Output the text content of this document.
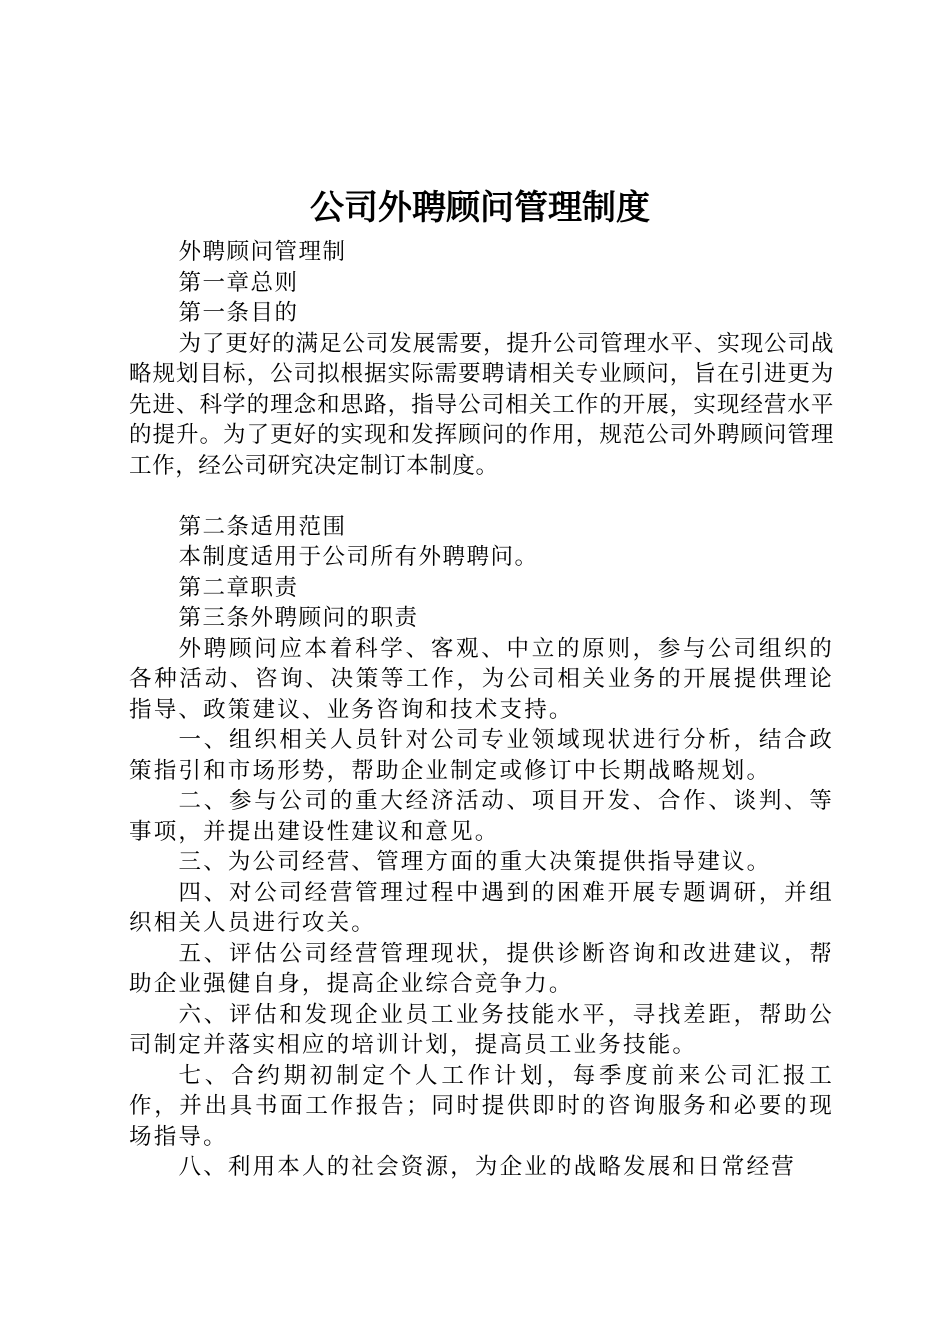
公司外聘顾问管理制度

外聘顾问管理制

第一章总则

第一条目的

为了更好的满足公司发展需要，提升公司管理水平、实现公司战略规划目标，公司拟根据实际需要聘请相关专业顾问，旨在引进更为先进、科学的理念和思路，指导公司相关工作的开展，实现经营水平的提升。为了更好的实现和发挥顾问的作用，规范公司外聘顾问管理工作，经公司研究决定制订本制度。

第二条适用范围

本制度适用于公司所有外聘聘问。

第二章职责

第三条外聘顾问的职责

外聘顾问应本着科学、客观、中立的原则，参与公司组织的各种活动、咨询、决策等工作，为公司相关业务的开展提供理论指导、政策建议、业务咨询和技术支持。

一、组织相关人员针对公司专业领域现状进行分析，结合政策指引和市场形势，帮助企业制定或修订中长期战略规划。

二、参与公司的重大经济活动、项目开发、合作、谈判、等事项，并提出建设性建议和意见。

三、为公司经营、管理方面的重大决策提供指导建议。

四、对公司经营管理过程中遇到的困难开展专题调研，并组织相关人员进行攻关。

五、评估公司经营管理现状，提供诊断咨询和改进建议，帮助企业强健自身，提高企业综合竞争力。

六、评估和发现企业员工业务技能水平，寻找差距，帮助公司制定并落实相应的培训计划，提高员工业务技能。

七、合约期初制定个人工作计划，每季度前来公司汇报工作，并出具书面工作报告；同时提供即时的咨询服务和必要的现场指导。

八、利用本人的社会资源，为企业的战略发展和日常经营
